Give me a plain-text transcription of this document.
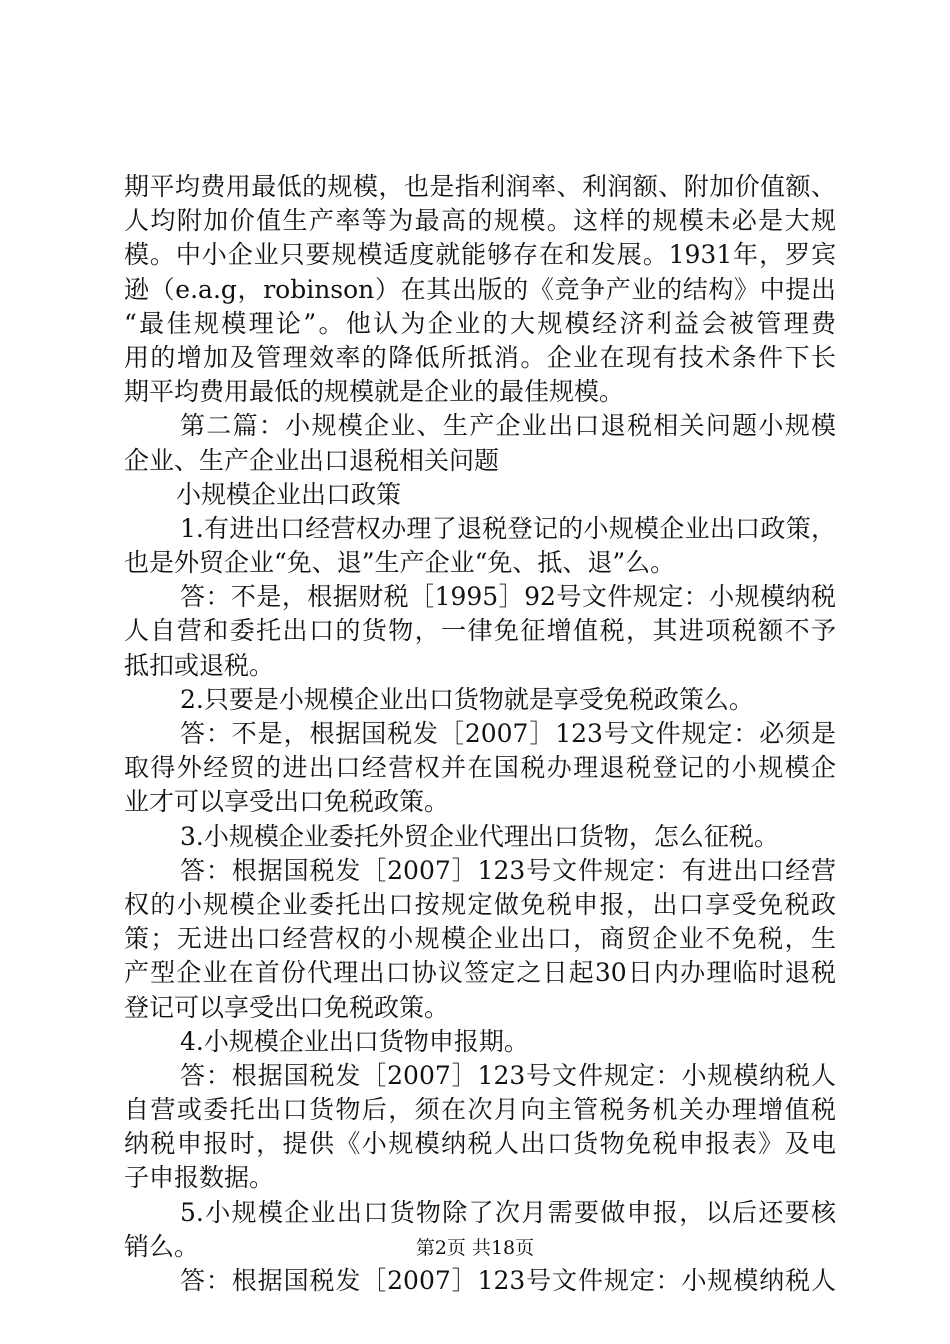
期平均费用最低的规模，也是指利润率、利润额、附加价值额、
人均附加价值生产率等为最高的规模。这样的规模未必是大规
模。中小企业只要规模适度就能够存在和发展。1931年，罗宾
逊（e.a.g，robinson）在其出版的《竞争产业的结构》中提出
“最佳规模理论”。他认为企业的大规模经济利益会被管理费
用的增加及管理效率的降低所抵消。企业在现有技术条件下长
期平均费用最低的规模就是企业的最佳规模。
第二篇：小规模企业、生产企业出口退税相关问题小规模
企业、生产企业出口退税相关问题
小规模企业出口政策
1.有进出口经营权办理了退税登记的小规模企业出口政策，
也是外贸企业“免、退”生产企业“免、抵、退”么。
答：不是，根据财税［1995］92号文件规定：小规模纳税
人自营和委托出口的货物，一律免征增值税，其进项税额不予
抵扣或退税。
2.只要是小规模企业出口货物就是享受免税政策么。
答：不是，根据国税发［2007］123号文件规定：必须是
取得外经贸的进出口经营权并在国税办理退税登记的小规模企
业才可以享受出口免税政策。
3.小规模企业委托外贸企业代理出口货物，怎么征税。
答：根据国税发［2007］123号文件规定：有进出口经营
权的小规模企业委托出口按规定做免税申报，出口享受免税政
策；无进出口经营权的小规模企业出口，商贸企业不免税，生
产型企业在首份代理出口协议签定之日起30日内办理临时退税
登记可以享受出口免税政策。
4.小规模企业出口货物申报期。
答：根据国税发［2007］123号文件规定：小规模纳税人
自营或委托出口货物后，须在次月向主管税务机关办理增值税
纳税申报时，提供《小规模纳税人出口货物免税申报表》及电
子申报数据。
5.小规模企业出口货物除了次月需要做申报，以后还要核
销么。
答：根据国税发［2007］123号文件规定：小规模纳税人
第2页 共18页
